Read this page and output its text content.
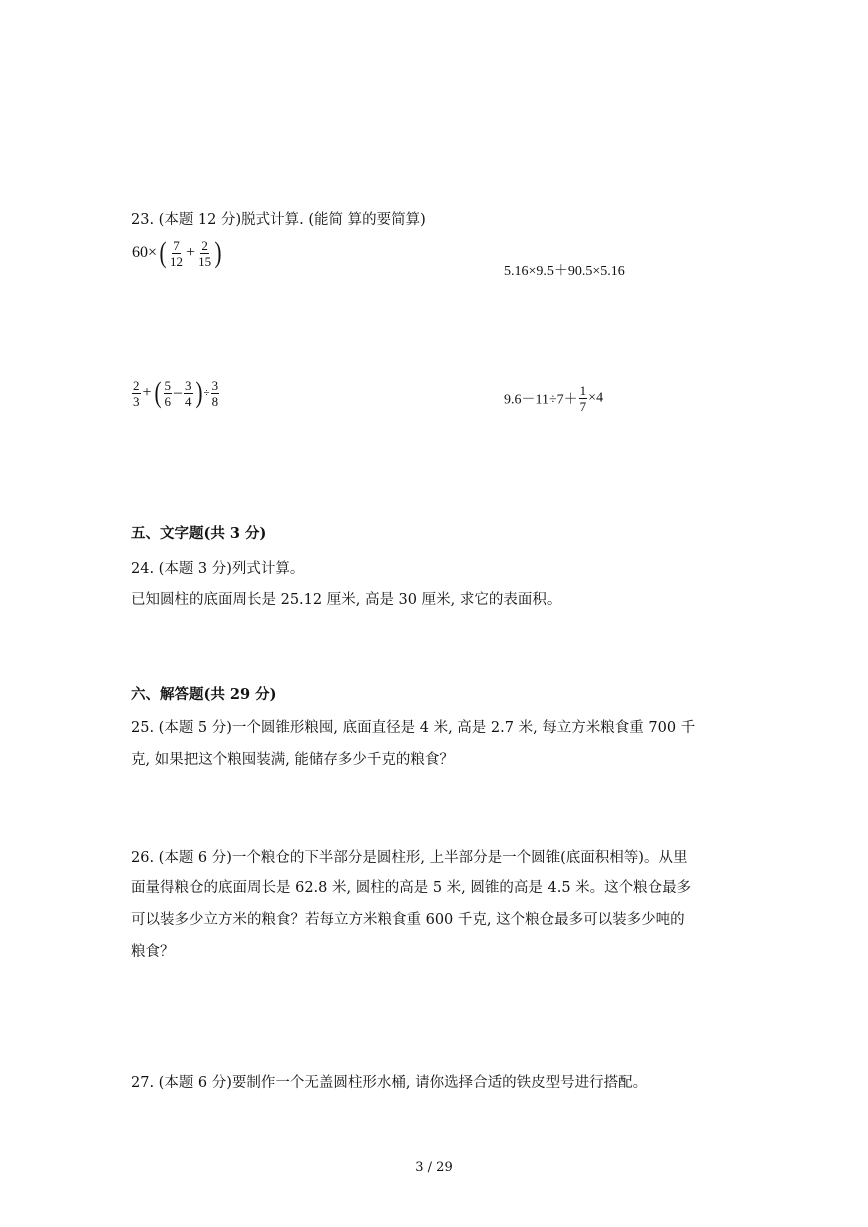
23. (本题 12 分)脱式计算. (能简 算的要简算)
$60\times( \frac{7}{12} + \frac{2}{15}$ )
5.16×9.5＋90.5×5.16
$\frac{2}{3}$ +( $\frac{5}{6} - \frac{3}{4}$ ) ÷ $\frac{3}{8}$	$9.6-11\div 7+ \frac{1}{7} \times 4$
五、文字题(共 3 分)
24. (本题 3 分)列式计算。
已知圆柱的底面周长是 25.12 厘米, 高是 30 厘米, 求它的表面积。
六、解答题(共 29 分)
25. (本题 5 分)一个圆锥形粮囤, 底面直径是 4 米, 高是 2.7 米, 每立方米粮食重 700 千
克, 如果把这个粮囤装满, 能储存多少千克的粮食？
26. (本题 6 分)一个粮仓的下半部分是圆柱形, 上半部分是一个圆锥(底面积相等)。从里
面量得粮仓的底面周长是 62.8 米, 圆柱的高是 5 米, 圆锥的高是 4.5 米。这个粮仓最多
可以装多少立方米的粮食？若每立方米粮食重 600 千克, 这个粮仓最多可以装多少吨的
粮食？
27. (本题 6 分)要制作一个无盖圆柱形水桶, 请你选择合适的铁皮型号进行搭配。
3 / 29
